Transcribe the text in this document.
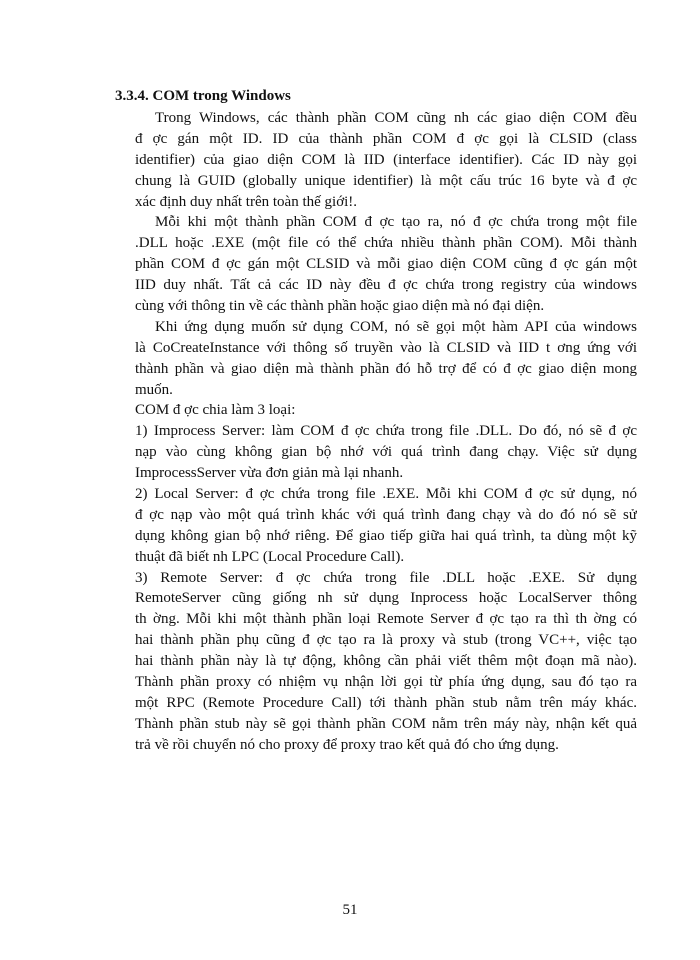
3.3.4. COM trong Windows
Trong Windows, các thành phần COM cũng nh các giao diện COM đều
đ ợc gán một ID. ID của thành phần COM đ ợc gọi là CLSID (class
identifier) của giao diện COM là IID (interface identifier). Các ID này gọi
chung là GUID (globally unique identifier) là một cấu trúc 16 byte và đ ợc
xác định duy nhất trên toàn thế giới!.
Mỗi khi một thành phần COM đ ợc tạo ra, nó đ ợc chứa trong một file
.DLL hoặc .EXE (một file có thể chứa nhiều thành phần COM). Mỗi thành
phần COM đ ợc gán một CLSID và mỗi giao diện COM cũng đ ợc gán một
IID duy nhất. Tất cả các ID này đều đ ợc chứa trong registry của windows
cùng với thông tin về các thành phần hoặc giao diện mà nó đại diện.
Khi ứng dụng muốn sử dụng COM, nó sẽ gọi một hàm API của windows
là CoCreateInstance với thông số truyền vào là CLSID và IID t ơng ứng với
thành phần và giao diện mà thành phần đó hỗ trợ để có đ ợc giao diện mong
muốn.
COM đ ợc chia làm 3 loại:
1) Improcess Server: làm COM đ ợc chứa trong file .DLL. Do đó, nó sẽ đ ợc
nạp vào cùng không gian bộ nhớ với quá trình đang chạy. Việc sử dụng
ImprocessServer vừa đơn giản mà lại nhanh.
2) Local Server: đ ợc chứa trong file .EXE. Mỗi khi COM đ ợc sử dụng, nó
đ ợc nạp vào một quá trình khác với quá trình đang chạy và do đó nó sẽ sử
dụng không gian bộ nhớ riêng. Để giao tiếp giữa hai quá trình, ta dùng một kỹ
thuật đã biết nh LPC (Local Procedure Call).
3) Remote Server: đ ợc chứa trong file .DLL hoặc .EXE. Sử dụng
RemoteServer cũng giống nh sử dụng Inprocess hoặc LocalServer thông
th ờng. Mỗi khi một thành phần loại Remote Server đ ợc tạo ra thì th ờng có
hai thành phần phụ cũng đ ợc tạo ra là proxy và stub (trong VC++, việc tạo
hai thành phần này là tự động, không cần phải viết thêm một đoạn mã nào).
Thành phần proxy có nhiệm vụ nhận lời gọi từ phía ứng dụng, sau đó tạo ra
một RPC (Remote Procedure Call) tới thành phần stub nằm trên máy khác.
Thành phần stub này sẽ gọi thành phần COM nằm trên máy này, nhận kết quả
trả về rồi chuyển nó cho proxy để proxy trao kết quả đó cho ứng dụng.
51
